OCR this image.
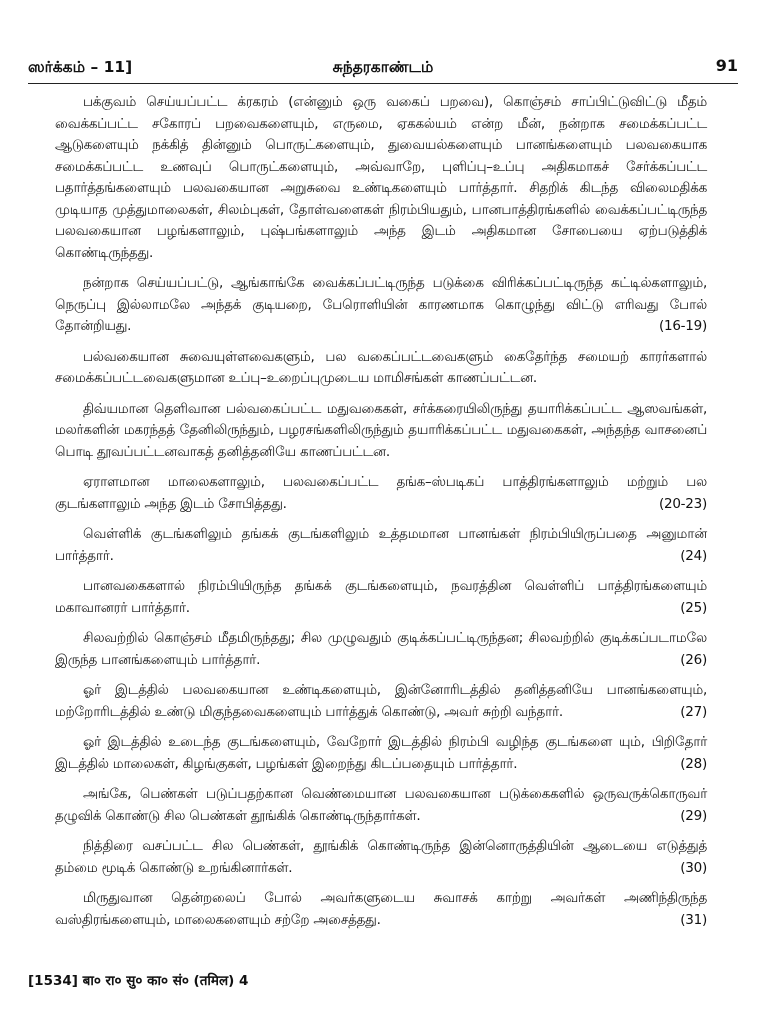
ஸர்க்கம் – 11]	சுந்தரகாண்டம்	91

பக்குவம் செய்யப்பட்ட க்ரகரம் (என்னும் ஒரு வகைப் பறவை), கொஞ்சம் சாப்பிட்டுவிட்டு மீதம் வைக்கப்பட்ட சகோரப் பறவைகளையும், எருமை, ஏககல்யம் என்ற மீன், நன்றாக சமைக்கப்பட்ட ஆடுகளையும் நக்கித் தின்னும் பொருட்களையும், துவையல்களையும் பானங்களையும் பலவகையாக சமைக்கப்பட்ட உணவுப் பொருட்களையும், அவ்வாறே, புளிப்பு–உப்பு அதிகமாகச் சேர்க்கப்பட்ட பதார்த்தங்களையும் பலவகையான அறுசுவை உண்டிகளையும் பார்த்தார். சிதறிக் கிடந்த விலைமதிக்க முடியாத முத்துமாலைகள், சிலம்புகள், தோள்வளைகள் நிரம்பியதும், பானபாத்திரங்களில் வைக்கப்பட்டிருந்த பலவகையான பழங்களாலும், புஷ்பங்களாலும் அந்த இடம் அதிகமான சோபையை ஏற்படுத்திக் கொண்டிருந்தது.

நன்றாக செய்யப்பட்டு, ஆங்காங்கே வைக்கப்பட்டிருந்த படுக்கை விரிக்கப்பட்டிருந்த கட்டில்களாலும், நெருப்பு இல்லாமலே அந்தக் குடியறை, பேரொளியின் காரணமாக கொழுந்து விட்டு எரிவது போல் தோன்றியது.	(16-19)

பல்வகையான சுவையுள்ளவைகளும், பல வகைப்பட்டவைகளும் கைதேர்ந்த சமையற் காரர்களால் சமைக்கப்பட்டவைகளுமான உப்பு–உறைப்புமுடைய மாமிசங்கள் காணப்பட்டன.

திவ்யமான தெளிவான பல்வகைப்பட்ட மதுவகைகள், சர்க்கரையிலிருந்து தயாரிக்கப்பட்ட ஆஸவங்கள், மலர்களின் மகரந்தத் தேனிலிருந்தும், பழரசங்களிலிருந்தும் தயாரிக்கப்பட்ட மதுவகைகள், அந்தந்த வாசனைப் பொடி தூவப்பட்டனவாகத் தனித்தனியே காணப்பட்டன.

ஏராளமான மாலைகளாலும், பலவகைப்பட்ட தங்க–ஸ்படிகப் பாத்திரங்களாலும் மற்றும் பல குடங்களாலும் அந்த இடம் சோபித்தது.	(20-23)

வெள்ளிக் குடங்களிலும் தங்கக் குடங்களிலும் உத்தமமான பானங்கள் நிரம்பியிருப்பதை அனுமான் பார்த்தார்.	(24)

பானவகைகளால் நிரம்பியிருந்த தங்கக் குடங்களையும், நவரத்தின வெள்ளிப் பாத்திரங்களையும் மகாவானரர் பார்த்தார்.	(25)

சிலவற்றில் கொஞ்சம் மீதமிருந்தது; சில முழுவதும் குடிக்கப்பட்டிருந்தன; சிலவற்றில் குடிக்கப்படாமலே இருந்த பானங்களையும் பார்த்தார்.	(26)

ஓர் இடத்தில் பலவகையான உண்டிகளையும், இன்னோரிடத்தில் தனித்தனியே பானங்களையும், மற்றோரிடத்தில் உண்டு மிகுந்தவைகளையும் பார்த்துக் கொண்டு, அவர் சுற்றி வந்தார்.	(27)

ஓர் இடத்தில் உடைந்த குடங்களையும், வேறோர் இடத்தில் நிரம்பி வழிந்த குடங்களை யும், பிறிதோர் இடத்தில் மாலைகள், கிழங்குகள், பழங்கள் இறைந்து கிடப்பதையும் பார்த்தார்.	(28)

அங்கே, பெண்கள் படுப்பதற்கான வெண்மையான பலவகையான படுக்கைகளில் ஒருவருக்கொருவர் தழுவிக் கொண்டு சில பெண்கள் தூங்கிக் கொண்டிருந்தார்கள்.	(29)

நித்திரை வசப்பட்ட சில பெண்கள், தூங்கிக் கொண்டிருந்த இன்னொருத்தியின் ஆடையை எடுத்துத் தம்மை மூடிக் கொண்டு உறங்கினார்கள்.	(30)

மிருதுவான தென்றலைப் போல் அவர்களுடைய சுவாசக் காற்று அவர்கள் அணிந்திருந்த வஸ்திரங்களையும், மாலைகளையும் சற்றே அசைத்தது.	(31)

[1534] बा० रा० सु० का० सं० (तमिल) 4
